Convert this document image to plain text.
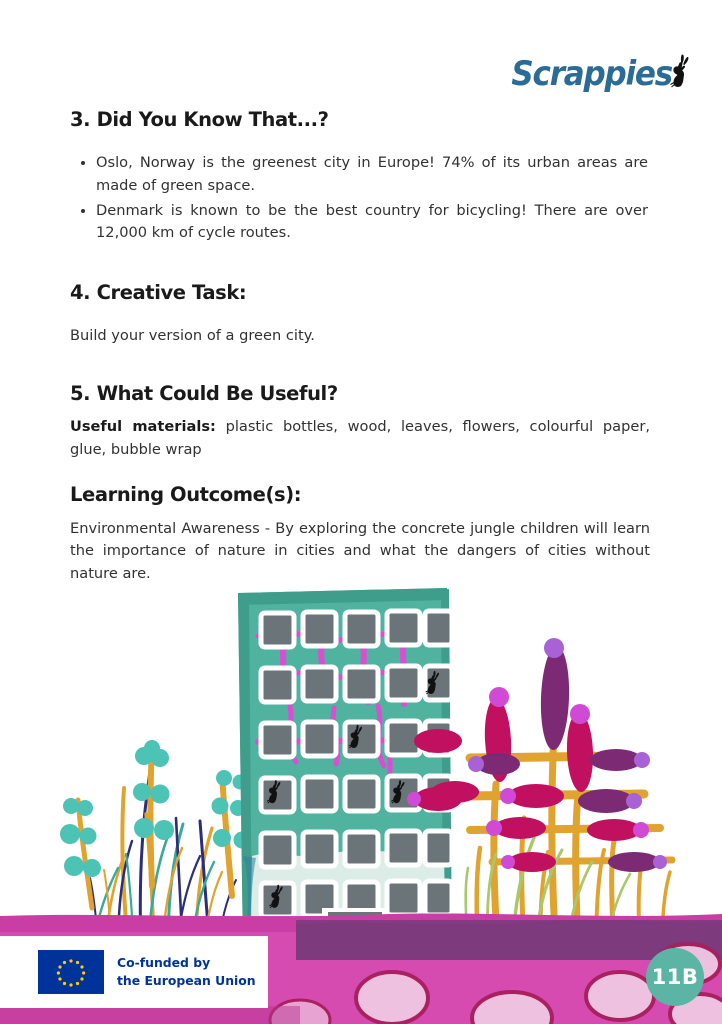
Scrappies
3. Did You Know That...?
Oslo, Norway is the greenest city in Europe! 74% of its urban areas are made of green space.
Denmark is known to be the best country for bicycling! There are over 12,000 km of cycle routes.
4. Creative Task:

Build your version of a green city.

5. What Could Be Useful?

Useful materials: plastic bottles, wood, leaves, flowers, colourful paper, glue, bubble wrap

Learning Outcome(s):

Environmental Awareness - By exploring the concrete jungle children will learn the importance of nature in cities and what the dangers of cities without nature are.

Co-funded by
the European Union	11B
